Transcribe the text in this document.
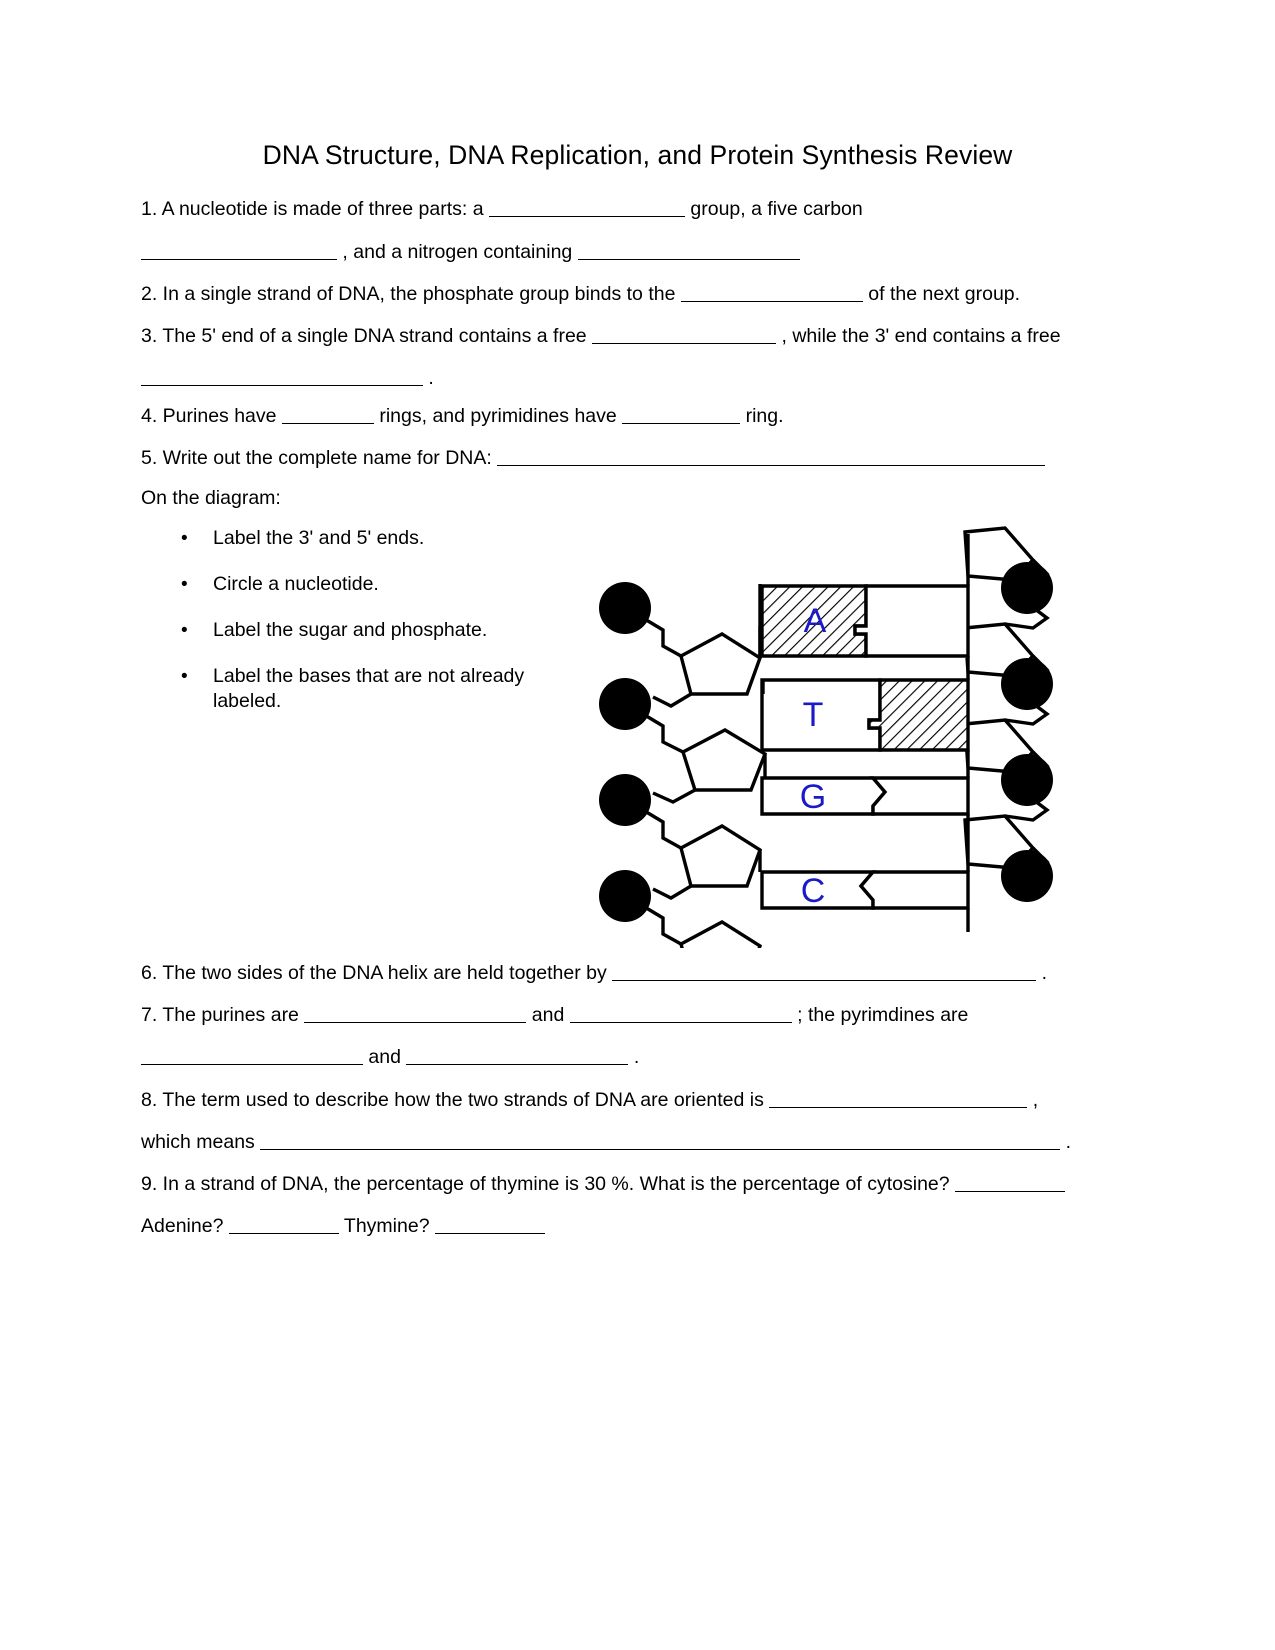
DNA Structure, DNA Replication, and Protein Synthesis Review
1. A nucleotide is made of three parts: a	group, a five carbon
, and a nitrogen containing
2. In a single strand of DNA, the phosphate group binds to the	of the next group.
3. The 5' end of a single DNA strand contains a free	, while the 3' end contains a free
.
4. Purines have	rings, and pyrimidines have	ring.
5. Write out the complete name for DNA:
On the diagram:
• Label the 3' and 5' ends.
• Circle a nucleotide.
• Label the sugar and phosphate.
• Label the bases that are not already labeled.
A
T
G
C
6. The two sides of the DNA helix are held together by	.
7. The purines are	and	; the pyrimdines are
and	.
8. The term used to describe how the two strands of DNA are oriented is	,
which means	.
9. In a strand of DNA, the percentage of thymine is 30 %. What is the percentage of cytosine?
Adenine?	Thymine?
